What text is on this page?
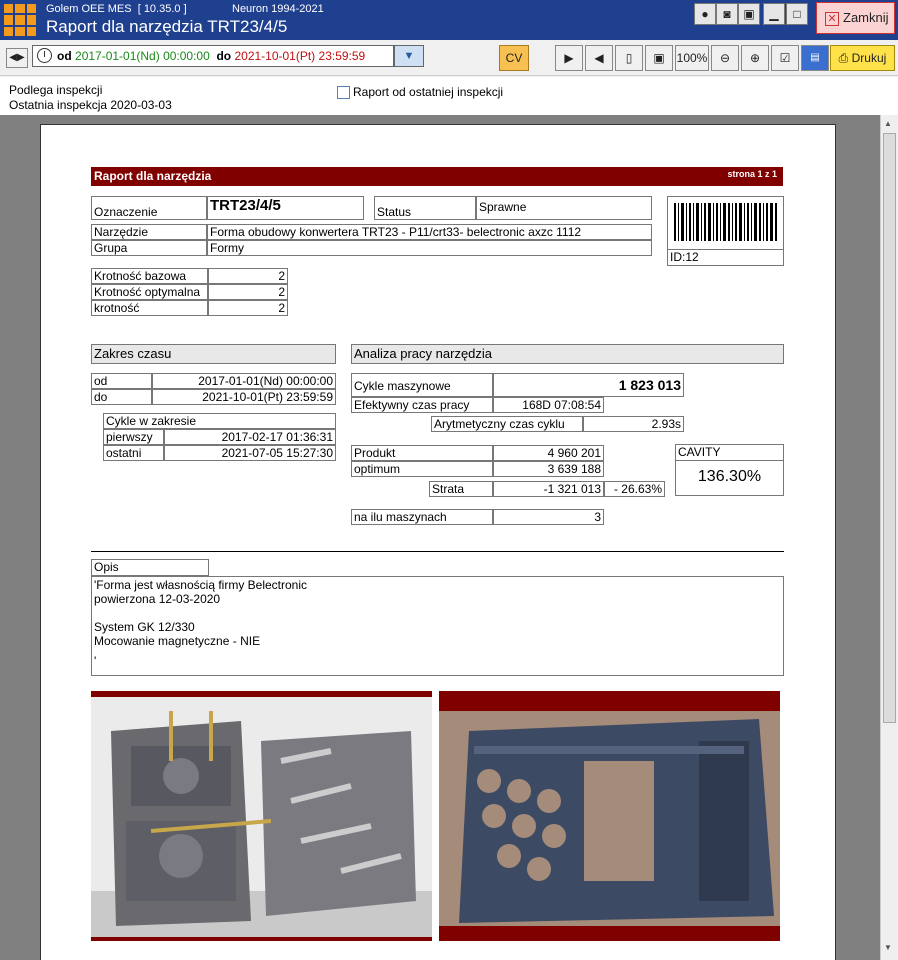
Golem OEE MES [ 10.35.0 ]	Neuron 1994-2021
Raport dla narzędzia TRT23/4/5
●	◙	▣	▁	□	✕ Zamknij
◀▶	od 2017-01-01(Nd) 00:00:00 do 2021-10-01(Pt) 23:59:59	▼	CV	▶	◀	▯	▣ 100%	⊖	⊕	☑	▤	⎙ Drukuj
Podlega inspekcji
Ostatnia inspekcja 2020-03-03
Raport od ostatniej inspekcji
Raport dla narzędzia	strona 1 z 1
Oznaczenie	TRT23/4/5	Status	Sprawne
Narzędzie	Forma obudowy konwertera TRT23 - P11/crt33- belectronic axzc 1112
Grupa	Formy
ID:12
Krotność bazowa	2
Krotność optymalna	2
krotność	2
Zakres czasu
od	2017-01-01(Nd) 00:00:00
do	2021-10-01(Pt) 23:59:59
Cykle w zakresie
pierwszy	2017-02-17 01:36:31
ostatni	2021-07-05 15:27:30
Analiza pracy narzędzia
Cykle maszynowe	1 823 013
Efektywny czas pracy	168D 07:08:54
Arytmetyczny czas cyklu	2.93s
Produkt	4 960 201
optimum	3 639 188
Strata	-1 321 013	- 26.63%
na ilu maszynach	3
CAVITY
136.30%
Opis
'Forma jest własnością firmy Belectronic
powierzona 12-03-2020
System GK 12/330
Mocowanie magnetyczne - NIE
'
▲
▼
